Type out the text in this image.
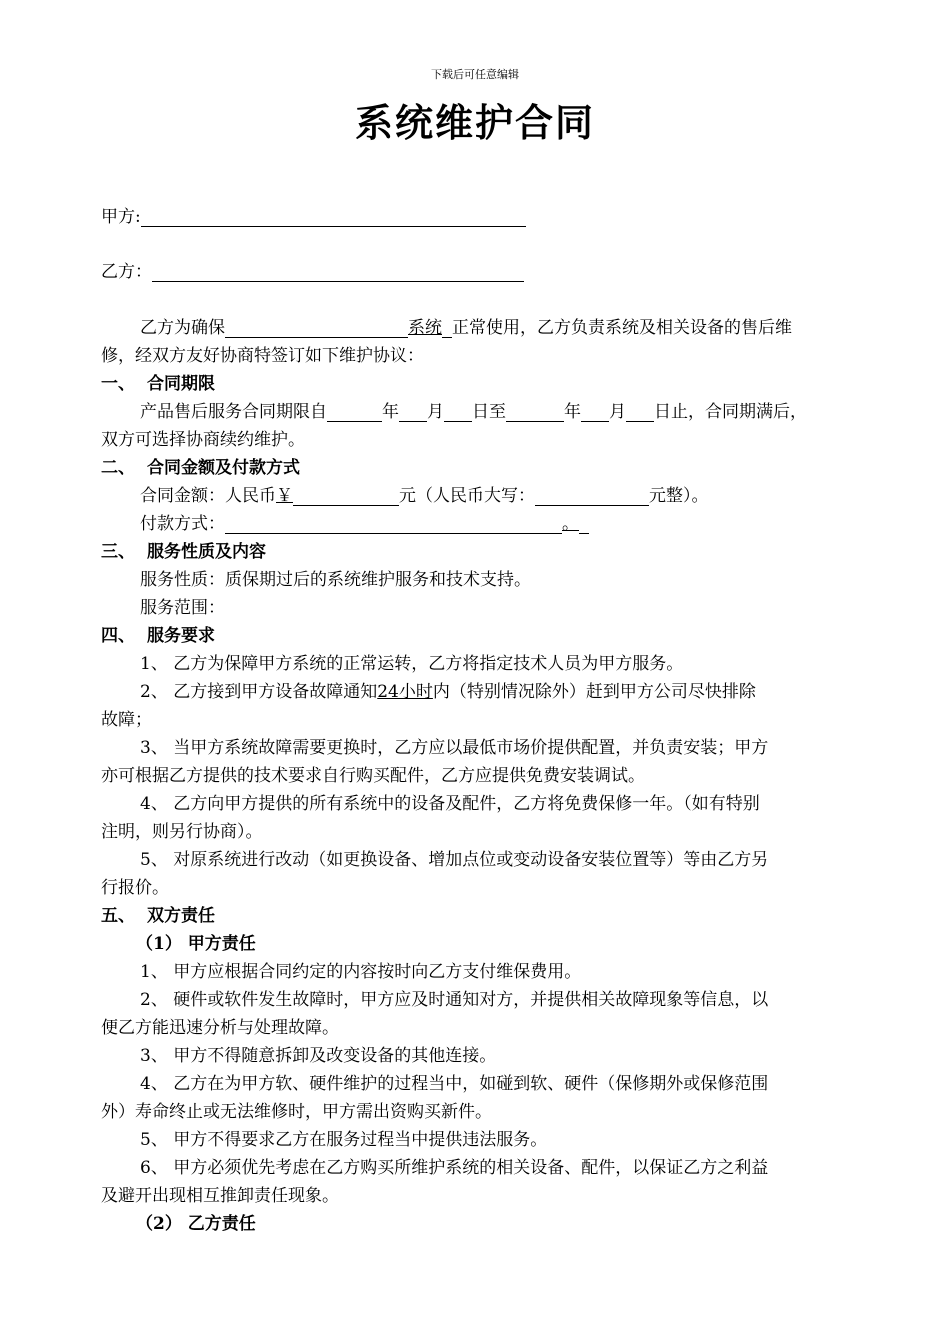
下载后可任意编辑
系统维护合同
甲方:
乙方：
乙方为确保	系统 正常使用，乙方负责系统及相关设备的售后维
修，经双方友好协商特签订如下维护协议：
一、 合同期限
产品售后服务合同期限自	年 月 日至	年 月 日止，合同期满后，
双方可选择协商续约维护。
二、 合同金额及付款方式
合同金额：人民币￥	元（人民币大写：	元整）。
付款方式：	。
三、 服务性质及内容
服务性质：质保期过后的系统维护服务和技术支持。
服务范围：
四、 服务要求
1、 乙方为保障甲方系统的正常运转，乙方将指定技术人员为甲方服务。
2、 乙方接到甲方设备故障通知24小时内（特别情况除外）赶到甲方公司尽快排除
故障；
3、 当甲方系统故障需要更换时，乙方应以最低市场价提供配置，并负责安装；甲方
亦可根据乙方提供的技术要求自行购买配件，乙方应提供免费安装调试。
4、 乙方向甲方提供的所有系统中的设备及配件，乙方将免费保修一年。（如有特别
注明，则另行协商）。
5、 对原系统进行改动（如更换设备、增加点位或变动设备安装位置等）等由乙方另
行报价。
五、 双方责任
（1） 甲方责任
1、 甲方应根据合同约定的内容按时向乙方支付维保费用。
2、 硬件或软件发生故障时，甲方应及时通知对方，并提供相关故障现象等信息，以
便乙方能迅速分析与处理故障。
3、 甲方不得随意拆卸及改变设备的其他连接。
4、 乙方在为甲方软、硬件维护的过程当中，如碰到软、硬件（保修期外或保修范围
外）寿命终止或无法维修时，甲方需出资购买新件。
5、 甲方不得要求乙方在服务过程当中提供违法服务。
6、 甲方必须优先考虑在乙方购买所维护系统的相关设备、配件，以保证乙方之利益
及避开出现相互推卸责任现象。
（2） 乙方责任
